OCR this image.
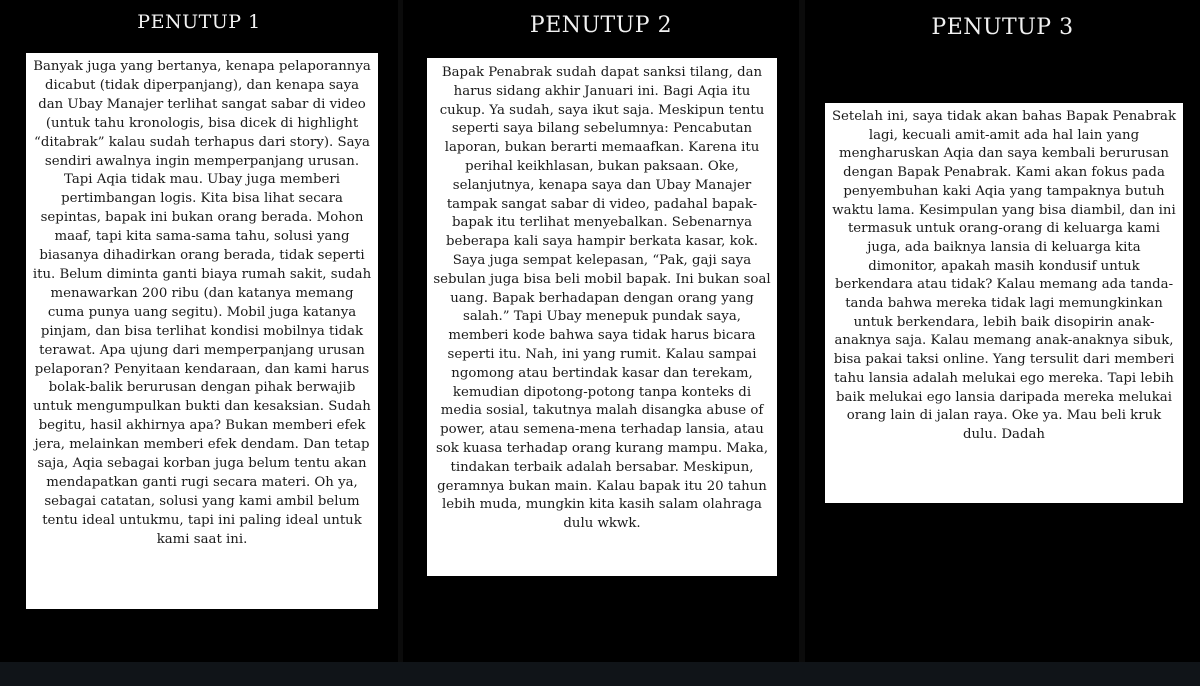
PENUTUP 1

Banyak juga yang bertanya, kenapa pelaporannya dicabut (tidak diperpanjang), dan kenapa saya dan Ubay Manajer terlihat sangat sabar di video (untuk tahu kronologis, bisa dicek di highlight “ditabrak” kalau sudah terhapus dari story). Saya sendiri awalnya ingin memperpanjang urusan. Tapi Aqia tidak mau. Ubay juga memberi pertimbangan logis. Kita bisa lihat secara sepintas, bapak ini bukan orang berada. Mohon maaf, tapi kita sama-sama tahu, solusi yang biasanya dihadirkan orang berada, tidak seperti itu. Belum diminta ganti biaya rumah sakit, sudah menawarkan 200 ribu (dan katanya memang cuma punya uang segitu). Mobil juga katanya pinjam, dan bisa terlihat kondisi mobilnya tidak terawat. Apa ujung dari memperpanjang urusan pelaporan? Penyitaan kendaraan, dan kami harus bolak-balik berurusan dengan pihak berwajib untuk mengumpulkan bukti dan kesaksian. Sudah begitu, hasil akhirnya apa? Bukan memberi efek jera, melainkan memberi efek dendam. Dan tetap saja, Aqia sebagai korban juga belum tentu akan mendapatkan ganti rugi secara materi. Oh ya, sebagai catatan, solusi yang kami ambil belum tentu ideal untukmu, tapi ini paling ideal untuk kami saat ini.

PENUTUP 2

Bapak Penabrak sudah dapat sanksi tilang, dan harus sidang akhir Januari ini. Bagi Aqia itu cukup. Ya sudah, saya ikut saja. Meskipun tentu seperti saya bilang sebelumnya: Pencabutan laporan, bukan berarti memaafkan. Karena itu perihal keikhlasan, bukan paksaan. Oke, selanjutnya, kenapa saya dan Ubay Manajer tampak sangat sabar di video, padahal bapak-bapak itu terlihat menyebalkan. Sebenarnya beberapa kali saya hampir berkata kasar, kok. Saya juga sempat kelepasan, “Pak, gaji saya sebulan juga bisa beli mobil bapak. Ini bukan soal uang. Bapak berhadapan dengan orang yang salah.” Tapi Ubay menepuk pundak saya, memberi kode bahwa saya tidak harus bicara seperti itu. Nah, ini yang rumit. Kalau sampai ngomong atau bertindak kasar dan terekam, kemudian dipotong-potong tanpa konteks di media sosial, takutnya malah disangka abuse of power, atau semena-mena terhadap lansia, atau sok kuasa terhadap orang kurang mampu. Maka, tindakan terbaik adalah bersabar. Meskipun, geramnya bukan main. Kalau bapak itu 20 tahun lebih muda, mungkin kita kasih salam olahraga dulu wkwk.

PENUTUP 3

Setelah ini, saya tidak akan bahas Bapak Penabrak lagi, kecuali amit-amit ada hal lain yang mengharuskan Aqia dan saya kembali berurusan dengan Bapak Penabrak. Kami akan fokus pada penyembuhan kaki Aqia yang tampaknya butuh waktu lama. Kesimpulan yang bisa diambil, dan ini termasuk untuk orang-orang di keluarga kami juga, ada baiknya lansia di keluarga kita dimonitor, apakah masih kondusif untuk berkendara atau tidak? Kalau memang ada tanda-tanda bahwa mereka tidak lagi memungkinkan untuk berkendara, lebih baik disopirin anak-anaknya saja. Kalau memang anak-anaknya sibuk, bisa pakai taksi online. Yang tersulit dari memberi tahu lansia adalah melukai ego mereka. Tapi lebih baik melukai ego lansia daripada mereka melukai orang lain di jalan raya. Oke ya. Mau beli kruk dulu. Dadah
